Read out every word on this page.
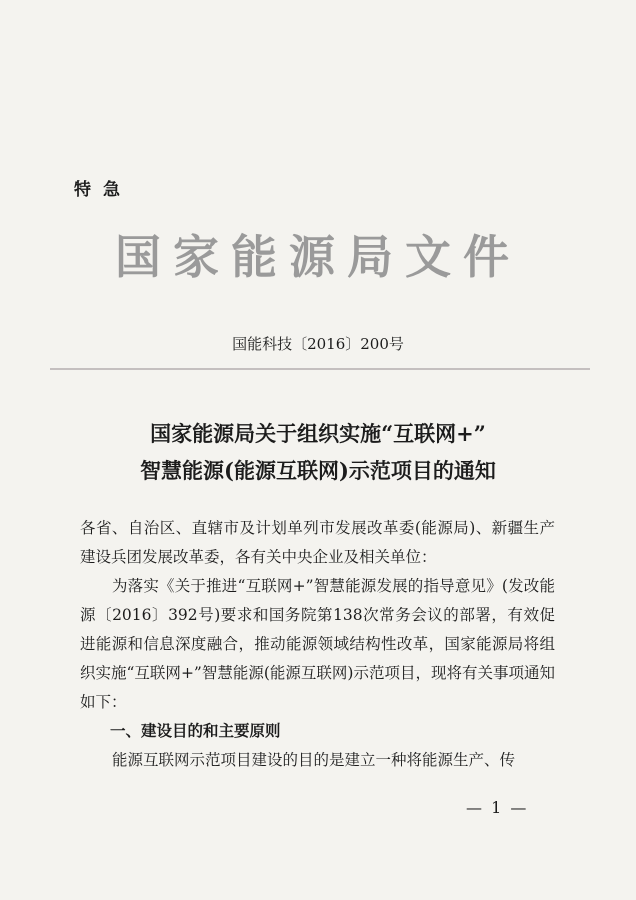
特急
国家能源局文件
国能科技〔2016〕200号
国家能源局关于组织实施“互联网+”
智慧能源(能源互联网)示范项目的通知

各省、自治区、直辖市及计划单列市发展改革委(能源局)、新疆生产建设兵团发展改革委，各有关中央企业及相关单位：

为落实《关于推进“互联网+”智慧能源发展的指导意见》(发改能源〔2016〕392号)要求和国务院第138次常务会议的部署，有效促进能源和信息深度融合，推动能源领域结构性改革，国家能源局将组织实施“互联网+”智慧能源(能源互联网)示范项目，现将有关事项通知如下：

一、建设目的和主要原则

能源互联网示范项目建设的目的是建立一种将能源生产、传

— 1 —
